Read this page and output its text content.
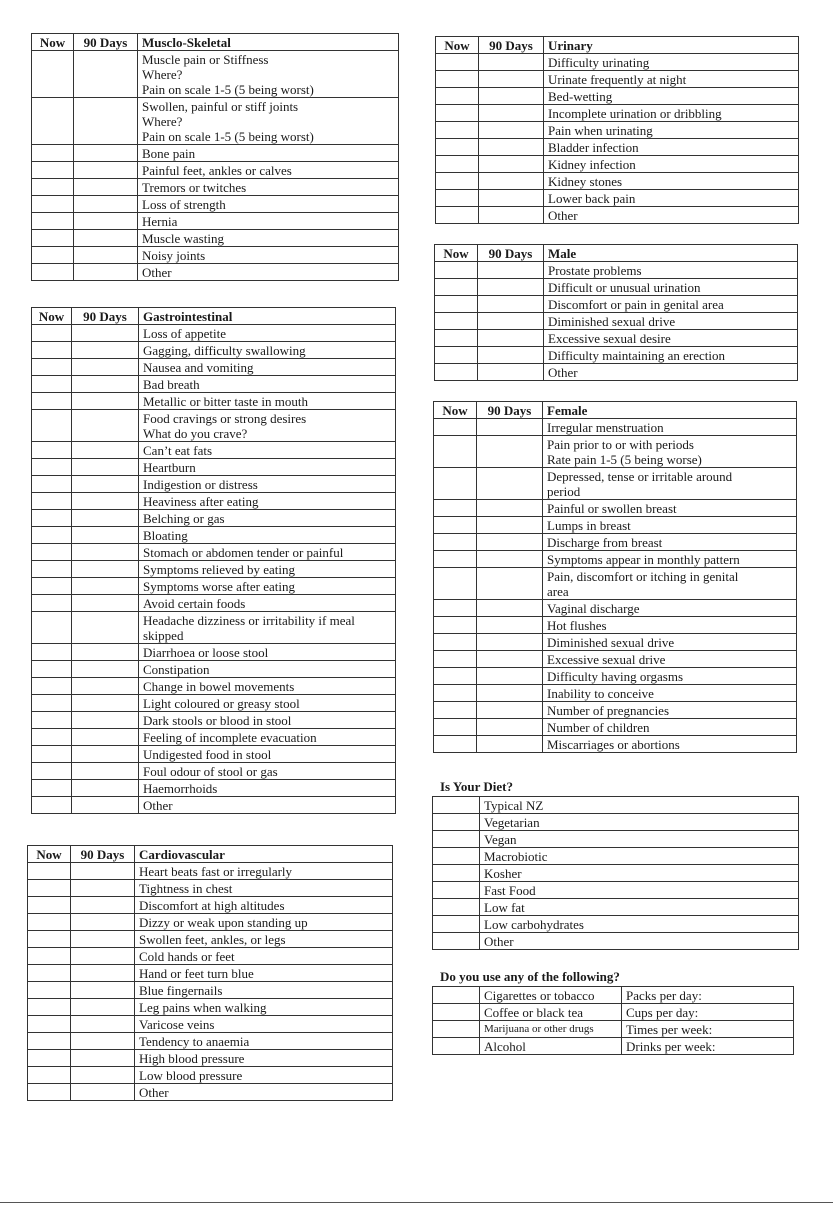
Now	90 Days	Musclo-Skeletal

		Muscle pain or Stiffness
Where?
Pain on scale 1-5 (5 being worst)

		Swollen, painful or stiff joints
Where?
Pain on scale 1-5 (5 being worst)

		Bone pain

		Painful feet, ankles or calves

		Tremors or twitches

		Loss of strength

		Hernia

		Muscle wasting

		Noisy joints

		Other
Now	90 Days	Gastrointestinal

		Loss of appetite

		Gagging, difficulty swallowing

		Nausea and vomiting

		Bad breath

		Metallic or bitter taste in mouth

		Food cravings or strong desires
What do you crave?

		Can’t eat fats

		Heartburn

		Indigestion or distress

		Heaviness after eating

		Belching or gas

		Bloating

		Stomach or abdomen tender or painful

		Symptoms relieved by eating

		Symptoms worse after eating

		Avoid certain foods

		Headache dizziness or irritability if meal
skipped

		Diarrhoea or loose stool

		Constipation

		Change in bowel movements

		Light coloured or greasy stool

		Dark stools or blood in stool

		Feeling of incomplete evacuation

		Undigested food in stool

		Foul odour of stool or gas

		Haemorrhoids

		Other
Now	90 Days	Cardiovascular

		Heart beats fast or irregularly

		Tightness in chest

		Discomfort at high altitudes

		Dizzy or weak upon standing up

		Swollen feet, ankles, or legs

		Cold hands or feet

		Hand or feet turn blue

		Blue fingernails

		Leg pains when walking

		Varicose veins

		Tendency to anaemia

		High blood pressure

		Low blood pressure

		Other
Now	90 Days	Urinary

		Difficulty urinating

		Urinate frequently at night

		Bed-wetting

		Incomplete urination or dribbling

		Pain when urinating

		Bladder infection

		Kidney infection

		Kidney stones

		Lower back pain

		Other
Now	90 Days	Male

		Prostate problems

		Difficult or unusual urination

		Discomfort or pain in genital area

		Diminished sexual drive

		Excessive sexual desire

		Difficulty maintaining an erection

		Other
Now	90 Days	Female

		Irregular menstruation

		Pain prior to or with periods
Rate pain 1-5 (5 being worse)

		Depressed, tense or irritable around
period

		Painful or swollen breast

		Lumps in breast

		Discharge from breast

		Symptoms appear in monthly pattern

		Pain, discomfort or itching in genital
area

		Vaginal discharge

		Hot flushes

		Diminished sexual drive

		Excessive sexual drive

		Difficulty having orgasms

		Inability to conceive

		Number of pregnancies

		Number of children

		Miscarriages or abortions

Is Your Diet?

	Typical NZ
	Vegetarian
	Vegan
	Macrobiotic
	Kosher
	Fast Food
	Low fat
	Low carbohydrates
	Other

Do you use any of the following?

	Cigarettes or tobacco	Packs per day:
	Coffee or black tea	Cups per day:
	Marijuana or other drugs	Times per week:
	Alcohol	Drinks per week:
